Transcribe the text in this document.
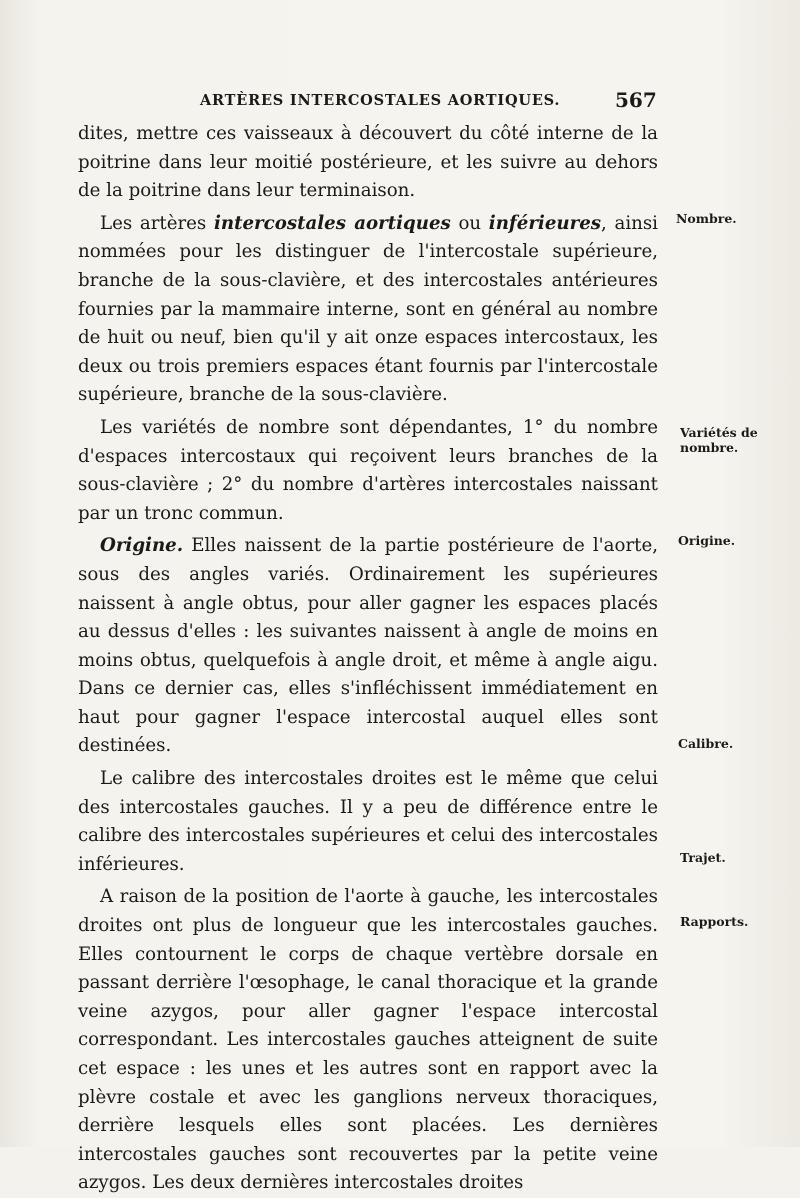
ARTÈRES INTERCOSTALES AORTIQUES.	567

dites, mettre ces vaisseaux à découvert du côté interne de la poitrine dans leur moitié postérieure, et les suivre au dehors de la poitrine dans leur terminaison.

Les artères intercostales aortiques ou inférieures, ainsi nommées pour les distinguer de l'intercostale supérieure, branche de la sous-clavière, et des intercostales antérieures fournies par la mammaire interne, sont en général au nombre de huit ou neuf, bien qu'il y ait onze espaces intercostaux, les deux ou trois premiers espaces étant fournis par l'intercostale supérieure, branche de la sous-clavière.

Les variétés de nombre sont dépendantes, 1° du nombre d'espaces intercostaux qui reçoivent leurs branches de la sous-clavière ; 2° du nombre d'artères intercostales naissant par un tronc commun.

Origine. Elles naissent de la partie postérieure de l'aorte, sous des angles variés. Ordinairement les supérieures naissent à angle obtus, pour aller gagner les espaces placés au dessus d'elles : les suivantes naissent à angle de moins en moins obtus, quelquefois à angle droit, et même à angle aigu. Dans ce dernier cas, elles s'infléchissent immédiatement en haut pour gagner l'espace intercostal auquel elles sont destinées.

Le calibre des intercostales droites est le même que celui des intercostales gauches. Il y a peu de différence entre le calibre des intercostales supérieures et celui des intercostales inférieures.

A raison de la position de l'aorte à gauche, les intercostales droites ont plus de longueur que les intercostales gauches. Elles contournent le corps de chaque vertèbre dorsale en passant derrière l'œsophage, le canal thoracique et la grande veine azygos, pour aller gagner l'espace intercostal correspondant. Les intercostales gauches atteignent de suite cet espace : les unes et les autres sont en rapport avec la plèvre costale et avec les ganglions nerveux thoraciques, derrière lesquels elles sont placées. Les dernières intercostales gauches sont recouvertes par la petite veine azygos. Les deux dernières intercostales droites

Nombre.
Variétés de
nombre.
Origine.
Calibre.
Trajet.
Rapports.
